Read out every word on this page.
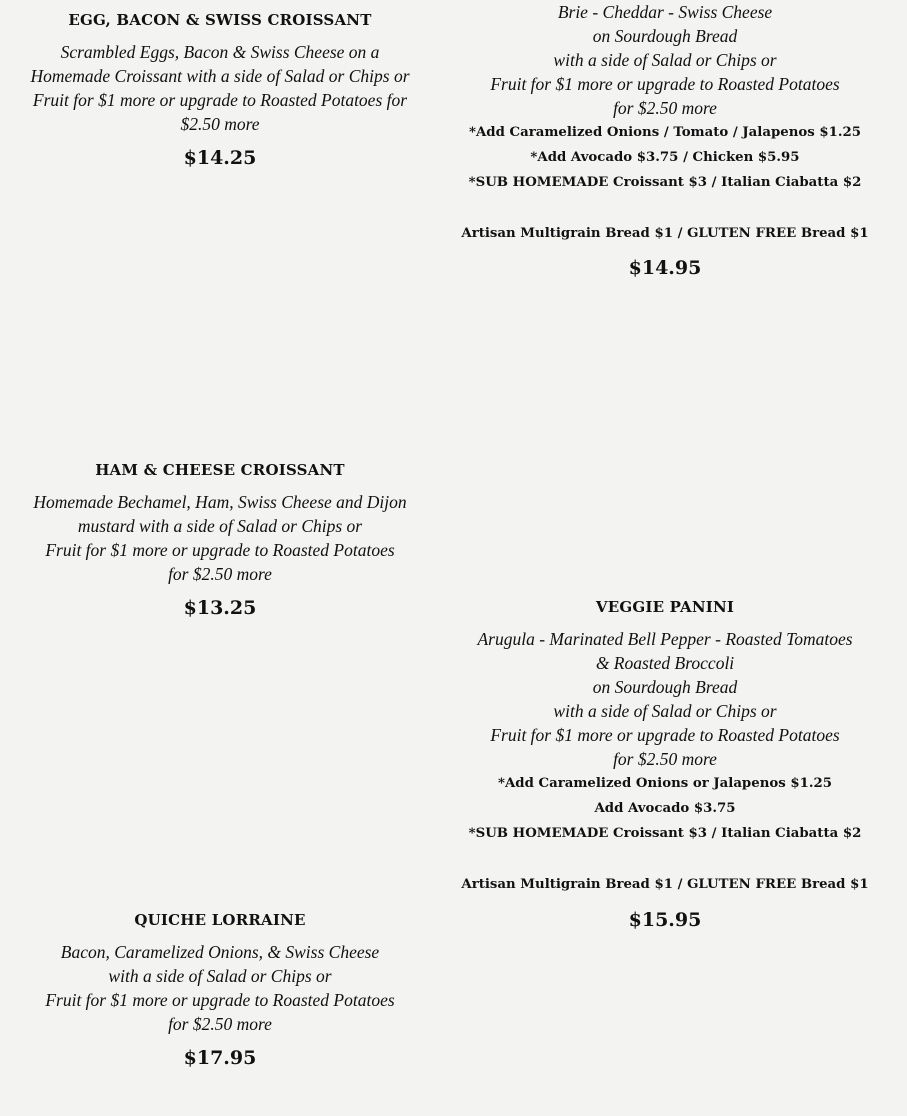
EGG, BACON & SWISS CROISSANT

Scrambled Eggs, Bacon & Swiss Cheese on a
Homemade Croissant with a side of Salad or Chips or
Fruit for $1 more or upgrade to Roasted Potatoes for
$2.50 more

$14.25

HAM & CHEESE CROISSANT

Homemade Bechamel, Ham, Swiss Cheese and Dijon
mustard with a side of Salad or Chips or
Fruit for $1 more or upgrade to Roasted Potatoes
for $2.50 more

$13.25

QUICHE LORRAINE

Bacon, Caramelized Onions, & Swiss Cheese
with a side of Salad or Chips or
Fruit for $1 more or upgrade to Roasted Potatoes
for $2.50 more

$17.95

Brie - Cheddar - Swiss Cheese
on Sourdough Bread
with a side of Salad or Chips or
Fruit for $1 more or upgrade to Roasted Potatoes
for $2.50 more

*Add Caramelized Onions / Tomato / Jalapenos $1.25

*Add Avocado $3.75 / Chicken $5.95

*SUB HOMEMADE Croissant $3 / Italian Ciabatta $2

Artisan Multigrain Bread $1 / GLUTEN FREE Bread $1

$14.95

VEGGIE PANINI

Arugula - Marinated Bell Pepper - Roasted Tomatoes
& Roasted Broccoli
on Sourdough Bread
with a side of Salad or Chips or
Fruit for $1 more or upgrade to Roasted Potatoes
for $2.50 more

*Add Caramelized Onions or Jalapenos $1.25

Add Avocado $3.75

*SUB HOMEMADE Croissant $3 / Italian Ciabatta $2

Artisan Multigrain Bread $1 / GLUTEN FREE Bread $1

$15.95
